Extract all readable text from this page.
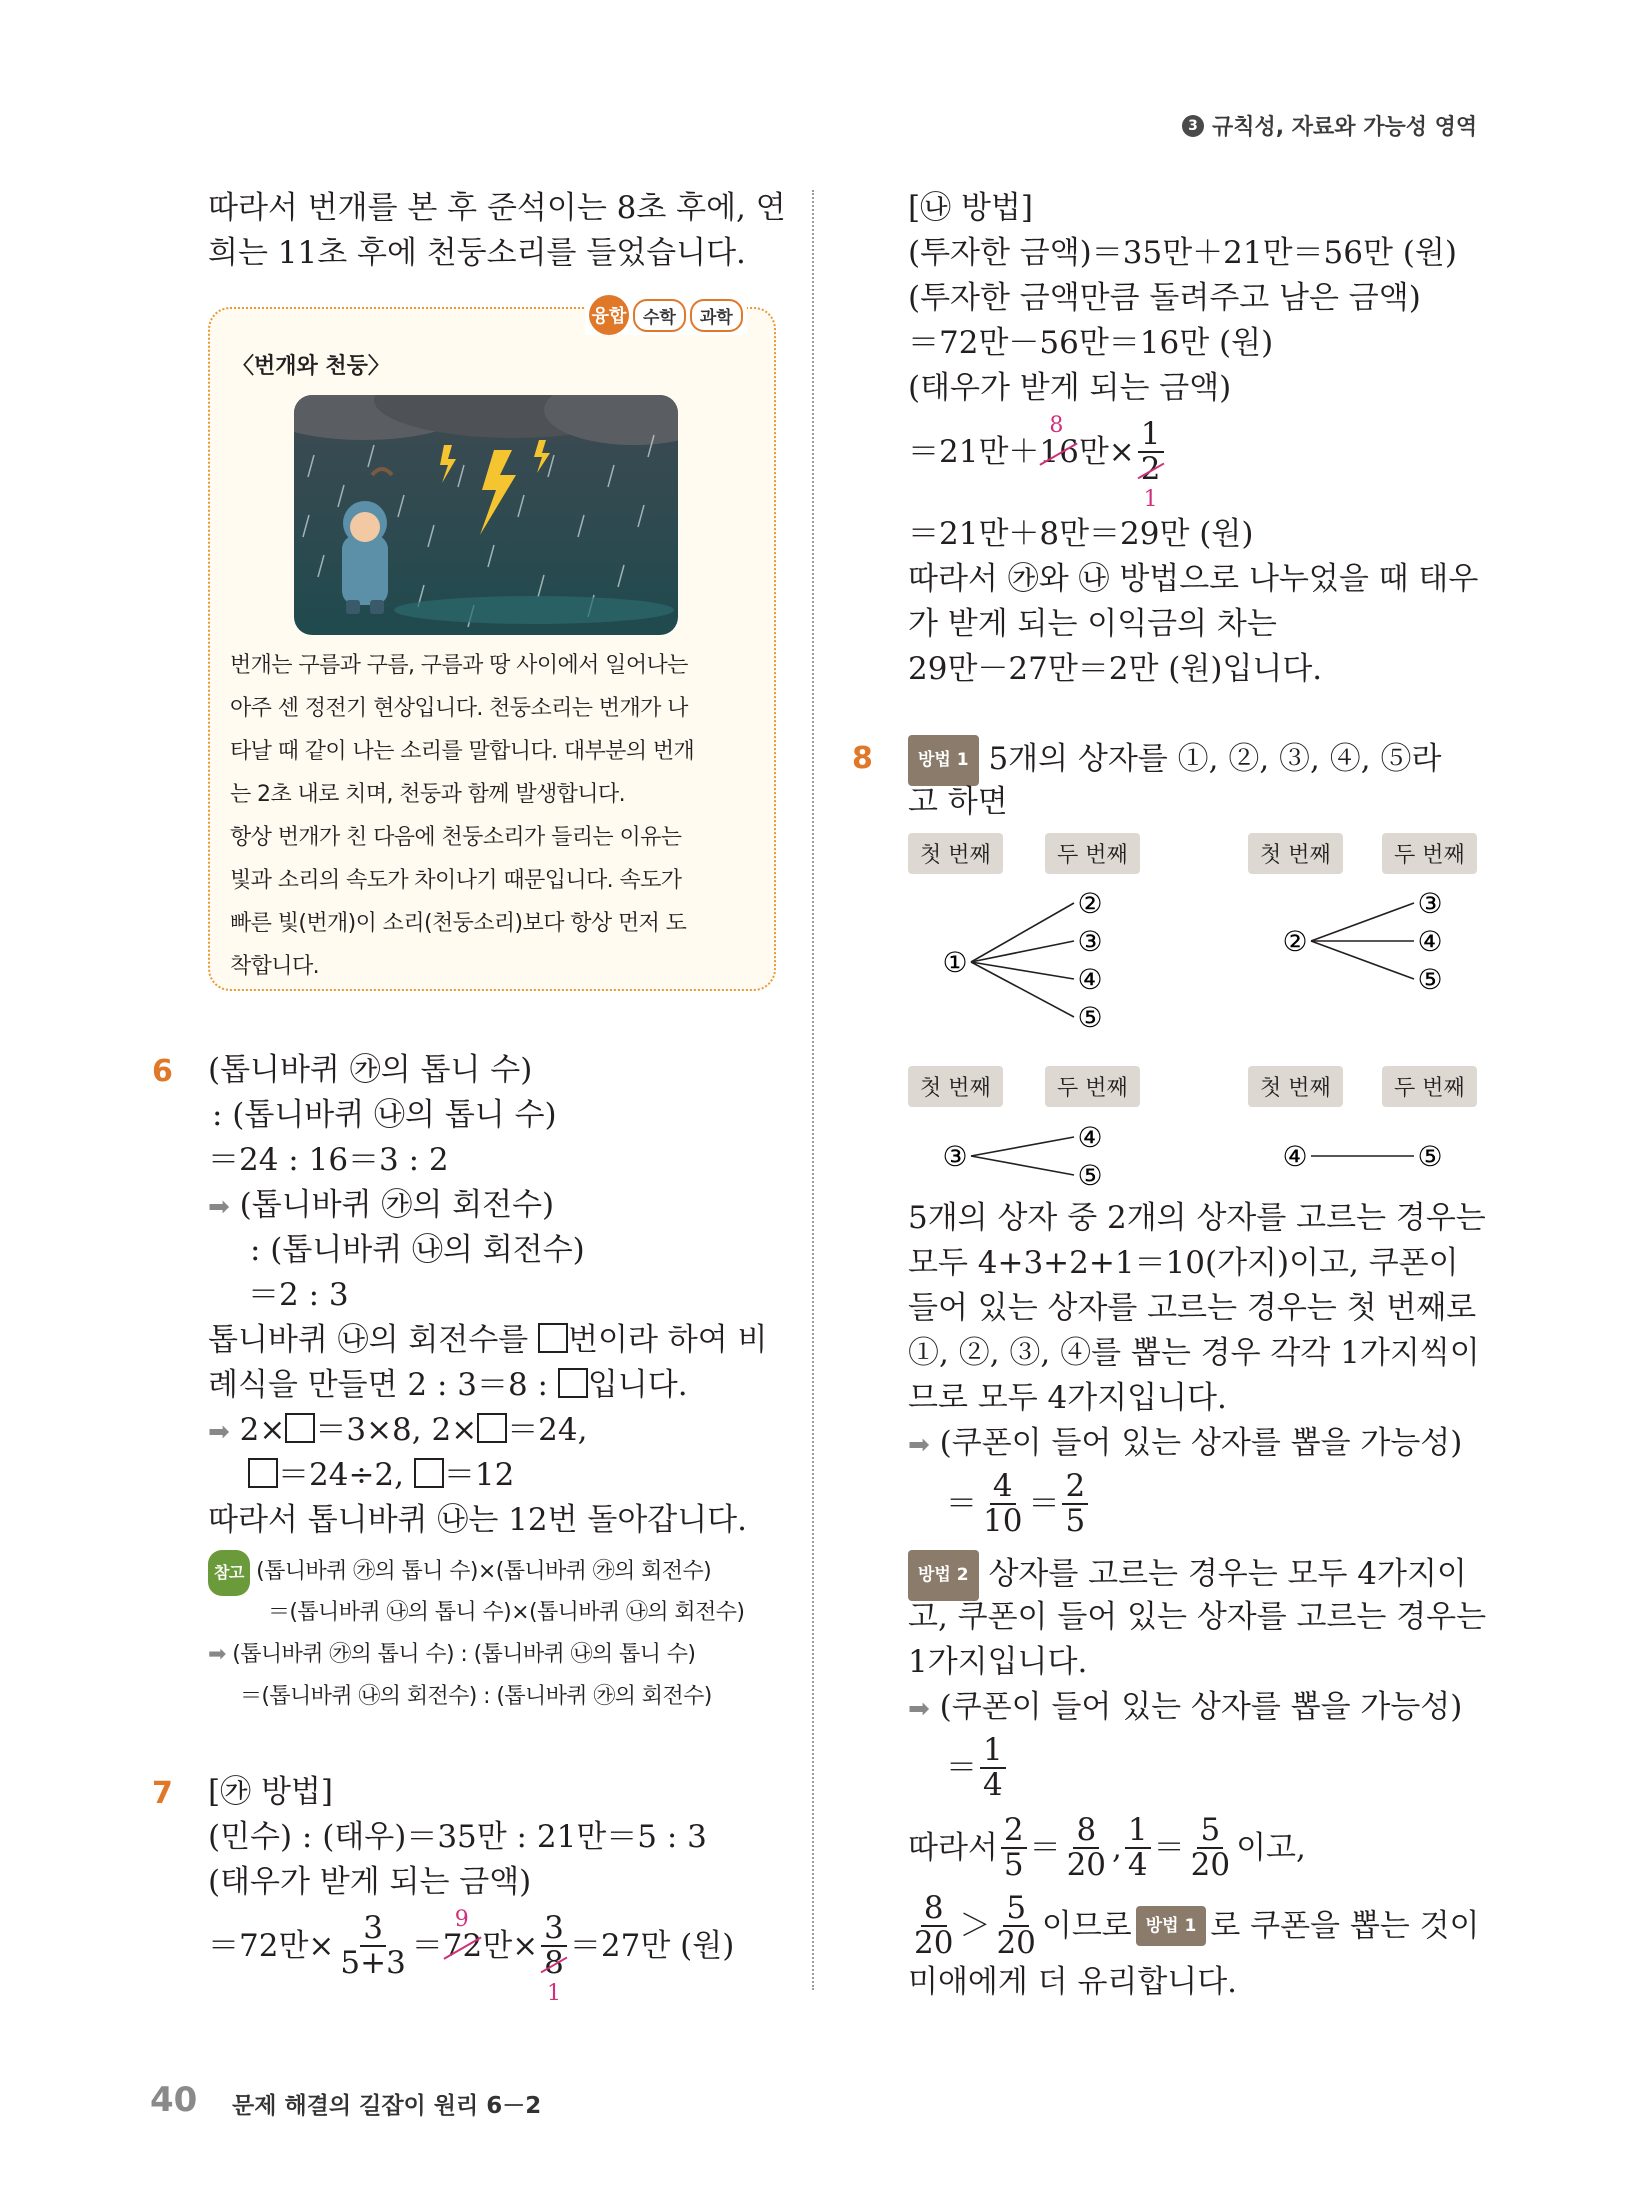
3 규칙성, 자료와 가능성 영역
따라서 번개를 본 후 준석이는 8초 후에, 연
희는 11초 후에 천둥소리를 들었습니다.
융합 수학	과학
〈번개와 천둥〉
번개는 구름과 구름, 구름과 땅 사이에서 일어나는
아주 센 정전기 현상입니다. 천둥소리는 번개가 나
타날 때 같이 나는 소리를 말합니다. 대부분의 번개
는 2초 내로 치며, 천둥과 함께 발생합니다.
항상 번개가 친 다음에 천둥소리가 들리는 이유는
빛과 소리의 속도가 차이나기 때문입니다. 속도가
빠른 빛(번개)이 소리(천둥소리)보다 항상 먼저 도
착합니다.
6 (톱니바퀴 ㉮의 톱니 수)
: (톱니바퀴 ㉯의 톱니 수)
＝24 : 16＝3 : 2
➡ (톱니바퀴 ㉮의 회전수)
: (톱니바퀴 ㉯의 회전수)
＝2 : 3
톱니바퀴 ㉯의 회전수를 번이라 하여 비
례식을 만들면 2 : 3＝8 : 입니다.
➡ 2× ＝3×8, 2× ＝24,
＝24÷2, ＝12
따라서 톱니바퀴 ㉯는 12번 돌아갑니다.
참고 (톱니바퀴 ㉮의 톱니 수)×(톱니바퀴 ㉮의 회전수)
＝(톱니바퀴 ㉯의 톱니 수)×(톱니바퀴 ㉯의 회전수)
➡ (톱니바퀴 ㉮의 톱니 수) : (톱니바퀴 ㉯의 톱니 수)
＝(톱니바퀴 ㉯의 회전수) : (톱니바퀴 ㉮의 회전수)
7 [㉮ 방법]
(민수) : (태우)＝35만 : 21만＝5 : 3
(태우가 받게 되는 금액)
＝72만× $\frac{3}{5+3}$ ＝
9
72 만× 3
8
1
＝27만 (원)
[㉯ 방법]
(투자한 금액)＝35만＋21만＝56만 (원)
(투자한 금액만큼 돌려주고 남은 금액)
＝72만－56만＝16만 (원)
(태우가 받게 되는 금액)
＝21만＋
8
16 만× 1
2
1
＝21만＋8만＝29만 (원)
따라서 ㉮와 ㉯ 방법으로 나누었을 때 태우
가 받게 되는 이익금의 차는
29만－27만＝2만 (원)입니다.
8	방법 1 5개의 상자를 ①, ②, ③, ④, ⑤라
고 하면
첫 번째	두 번째	첫 번째	두 번째
첫 번째	두 번째	첫 번째	두 번째
②
③
④
⑤
①
③
④
⑤
②
④
⑤
③	⑤
④
5개의 상자 중 2개의 상자를 고르는 경우는
모두 4+3+2+1＝10(가지)이고, 쿠폰이
들어 있는 상자를 고르는 경우는 첫 번째로
①, ②, ③, ④를 뽑는 경우 각각 1가지씩이
므로 모두 4가지입니다.
➡ (쿠폰이 들어 있는 상자를 뽑을 가능성)
＝ $\frac{4}{10} = \frac{2}{5}$
방법 2 상자를 고르는 경우는 모두 4가지이
고, 쿠폰이 들어 있는 상자를 고르는 경우는
1가지입니다.
➡ (쿠폰이 들어 있는 상자를 뽑을 가능성)
＝ $\frac{1}{4}$
따라서 $\frac{2}{5} = \frac{8}{20}$ , $\frac{1}{4} = \frac{5}{20}$ 이고,
$\frac{8}{20} > \frac{5}{20}$ 이므로 방법 1 로 쿠폰을 뽑는 것이
미애에게 더 유리합니다.
40 문제 해결의 길잡이 원리 6－2
